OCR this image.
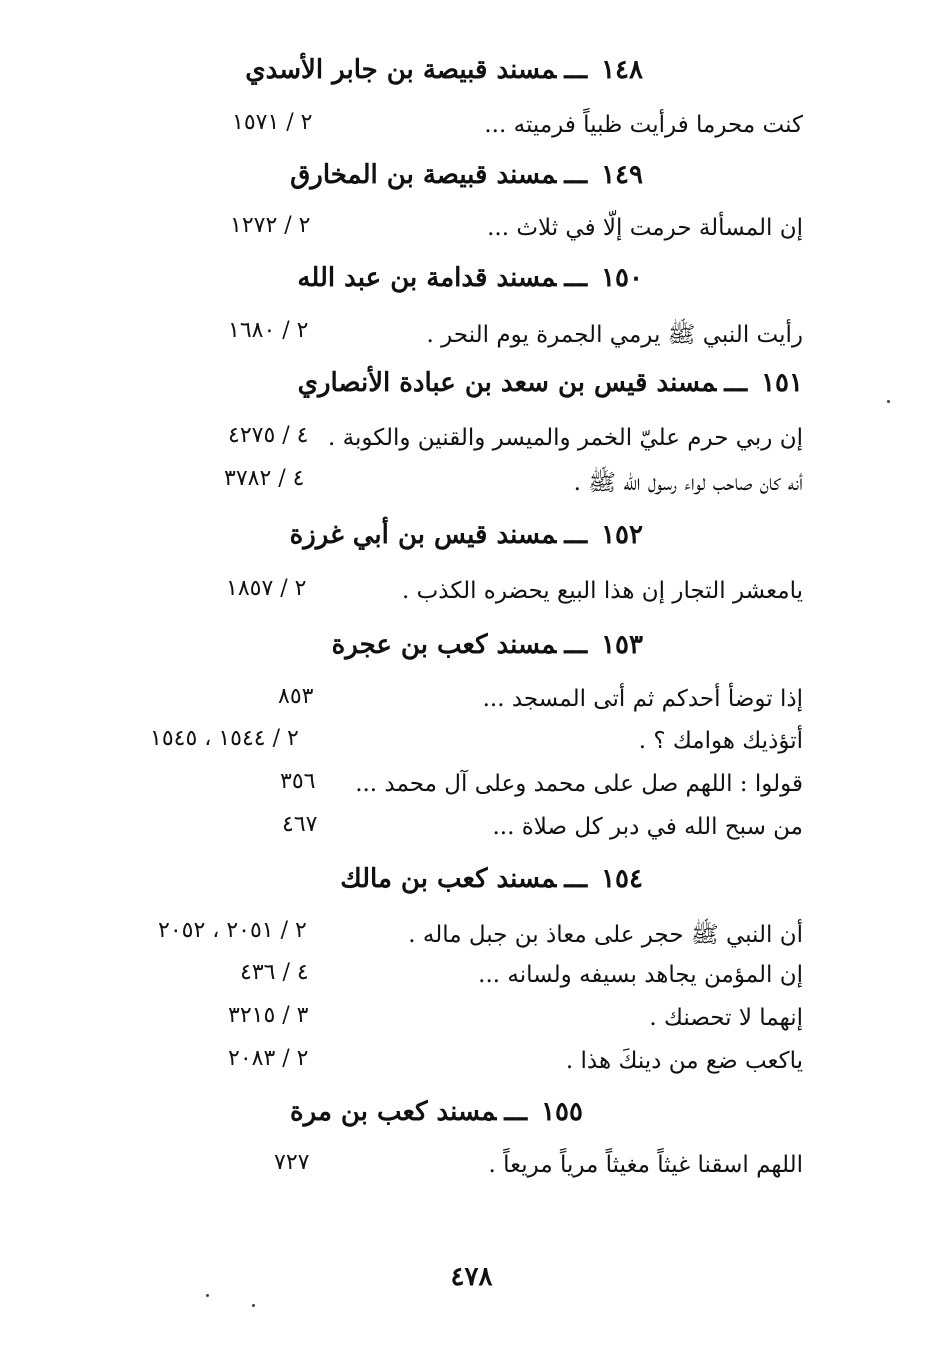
١٤٨ـــمسند قبيصة بن جابر الأسدي
كنت محرما فرأيت ظبياً فرميته ...
٢ / ١٥٧١
١٤٩ـــمسند قبيصة بن المخارق
إن المسألة حرمت إلّا في ثلاث ...
٢ / ١٢٧٢
١٥٠ـــمسند قدامة بن عبد الله
رأيت النبي ﷺ يرمي الجمرة يوم النحر .
٢ / ١٦٨٠
١٥١ـــمسند قيس بن سعد بن عبادة الأنصاري
إن ربي حرم عليّ الخمر والميسر والقنين والكوبة .
٤ / ٤٢٧٥
أنه كان صاحب لواء رسول الله ﷺ .
٤ / ٣٧٨٢
١٥٢ـــمسند قيس بن أبي غرزة
يامعشر التجار إن هذا البيع يحضره الكذب .
٢ / ١٨٥٧
١٥٣ـــمسند كعب بن عجرة
إذا توضأ أحدكم ثم أتى المسجد ...
٨٥٣
أتؤذيك هوامك ؟ .
٢ / ١٥٤٤ ، ١٥٤٥
قولوا : اللهم صل على محمد وعلى آل محمد ...
٣٥٦
من سبح الله في دبر كل صلاة ...
٤٦٧
١٥٤ـــمسند كعب بن مالك
أن النبي ﷺ حجر على معاذ بن جبل ماله .
٢ / ٢٠٥١ ، ٢٠٥٢
إن المؤمن يجاهد بسيفه ولسانه ...
٤ / ٤٣٦
إنهما لا تحصنك .
٣ / ٣٢١٥
ياكعب ضع من دينكَ هذا .
٢ / ٢٠٨٣
١٥٥ـــمسند كعب بن مرة
اللهم اسقنا غيثاً مغيثاً مرياً مريعاً .
٧٢٧
٤٧٨
